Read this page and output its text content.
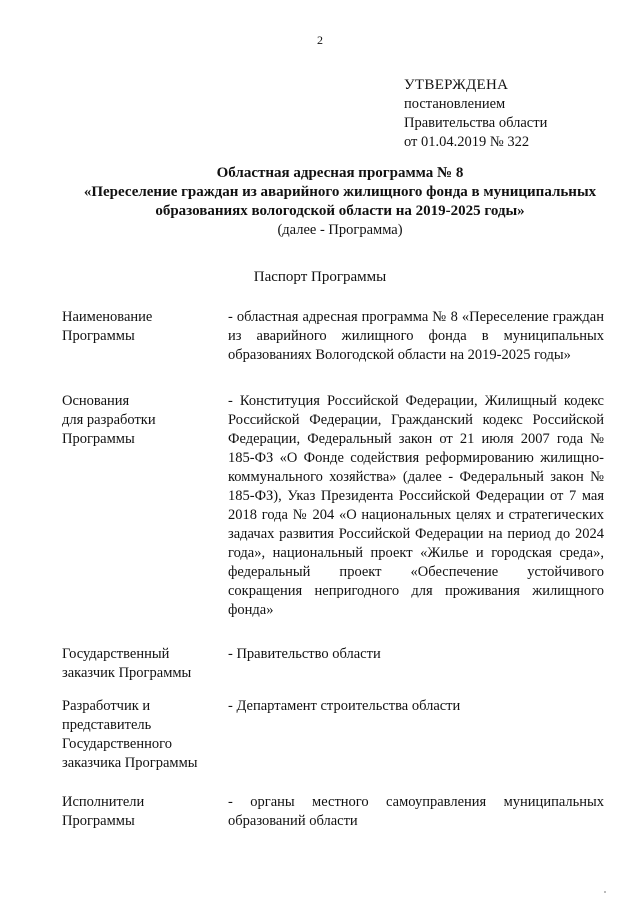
2
УТВЕРЖДЕНА
постановлением
Правительства области
от 01.04.2019 № 322
Областная адресная программа № 8
«Переселение граждан из аварийного жилищного фонда в муниципальных
образованиях вологодской области на 2019-2025 годы»
(далее - Программа)
Паспорт Программы
Наименование
Программы
- областная адресная программа № 8 «Переселение граждан из аварийного жилищного фонда в муниципальных образованиях Вологодской области на 2019-2025 годы»
Основания
для разработки
Программы
- Конституция Российской Федерации, Жилищный кодекс Российской Федерации, Гражданский кодекс Российской Федерации, Федеральный закон от 21 июля 2007 года № 185-ФЗ «О Фонде содействия реформированию жилищно-коммунального хозяйства» (далее - Федеральный закон № 185-ФЗ), Указ Президента Российской Федерации от 7 мая 2018 года № 204 «О национальных целях и стратегических задачах развития Российской Федерации на период до 2024 года», национальный проект «Жилье и городская среда», федеральный проект «Обеспечение устойчивого сокращения непригодного для проживания жилищного фонда»
Государственный
заказчик Программы
- Правительство области
Разработчик и
представитель
Государственного
заказчика Программы
- Департамент строительства области
Исполнители
Программы
- органы местного самоуправления муниципальных образований области
